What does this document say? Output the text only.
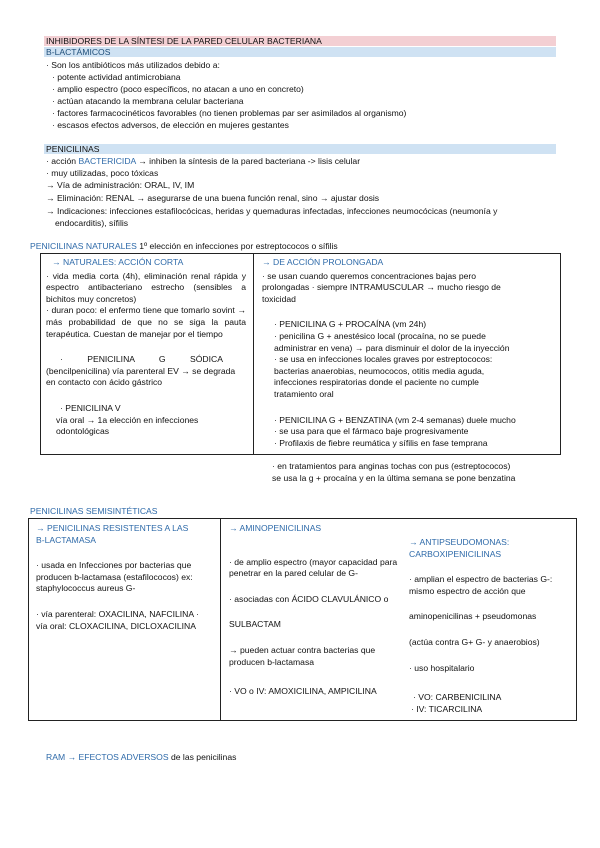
INHIBIDORES DE LA SÍNTESI DE LA PARED CELULAR BACTERIANA
B-LACTÁMICOS
· Son los antibióticos más utilizados debido a:
· potente actividad antimicrobiana
· amplio espectro (poco específicos, no atacan a uno en concreto)
· actúan atacando la membrana celular bacteriana
· factores farmacocinéticos favorables (no tienen problemas par ser asimilados al organismo)
· escasos efectos adversos, de elección en mujeres gestantes
PENICILINAS
· acción BACTERICIDA → inhiben la síntesis de la pared bacteriana -> lisis celular
· muy utilizadas, poco tóxicas
→ Vía de administración: ORAL, IV, IM
→ Eliminación: RENAL → asegurarse de una buena función renal, sino → ajustar dosis
→ Indicaciones: infecciones estafilocócicas, heridas y quemaduras infectadas, infecciones neumocócicas (neumonía y
endocarditis), sífilis
PENICILINAS NATURALES 1º elección en infecciones por estreptococos o sífilis

→ NATURALES: ACCIÓN CORTA

· vida media corta (4h), eliminación renal rápida y espectro antibacteriano estrecho (sensibles a bichitos muy concretos)

· duran poco: el enfermo tiene que tomarlo sovint → más probabilidad de que no se siga la pauta terapéutica. Cuestan de manejar por el tiempo

· PENICILINA G SÓDICA

(bencilpenicilina) vía parenteral EV → se degrada en contacto con ácido gástrico

· PENICILINA V

vía oral → 1a elección en infecciones odontológicas

→ DE ACCIÓN PROLONGADA

· se usan cuando queremos concentraciones bajas pero prolongadas · siempre INTRAMUSCULAR → mucho riesgo de toxicidad

· PENICILINA G + PROCAÍNA (vm 24h)

· penicilina G + anestésico local (procaína, no se puede administrar en vena) → para disminuir el dolor de la inyección

· se usa en infecciones locales graves por estreptococos: bacterias anaerobias, neumococos, otitis media aguda, infecciones respiratorias donde el paciente no cumple tratamiento oral

· PENICILINA G + BENZATINA (vm 2-4 semanas) duele mucho · se usa para que el fármaco baje progresivamente

· Profilaxis de fiebre reumática y sífilis en fase temprana

· en tratamientos para anginas tochas con pus (estreptococos) se usa la g + procaína y en la última semana se pone benzatina

PENICILINAS SEMISINTÉTICAS

→ PENICILINAS RESISTENTES A LAS B-LACTAMASA

· usada en Infecciones por bacterias que producen b-lactamasa (estafilococos) ex: staphylococcus aureus G-

· vía parenteral: OXACILINA, NAFCILINA · vía oral: CLOXACILINA, DICLOXACILINA

→ AMINOPENICILINAS

· de amplio espectro (mayor capacidad para penetrar en la pared celular de G-

· asociadas con ÁCIDO CLAVULÁNICO o

SULBACTAM

→ pueden actuar contra bacterias que producen b-lactamasa

· VO o IV: AMOXICILINA, AMPICILINA

→ ANTIPSEUDOMONAS: CARBOXIPENICILINAS

· amplian el espectro de bacterias G-: mismo espectro de acción que

aminopenicilinas + pseudomonas

(actúa contra G+ G- y anaerobios)

· uso hospitalario

· VO: CARBENICILINA

· IV: TICARCILINA

RAM → EFECTOS ADVERSOS de las penicilinas
